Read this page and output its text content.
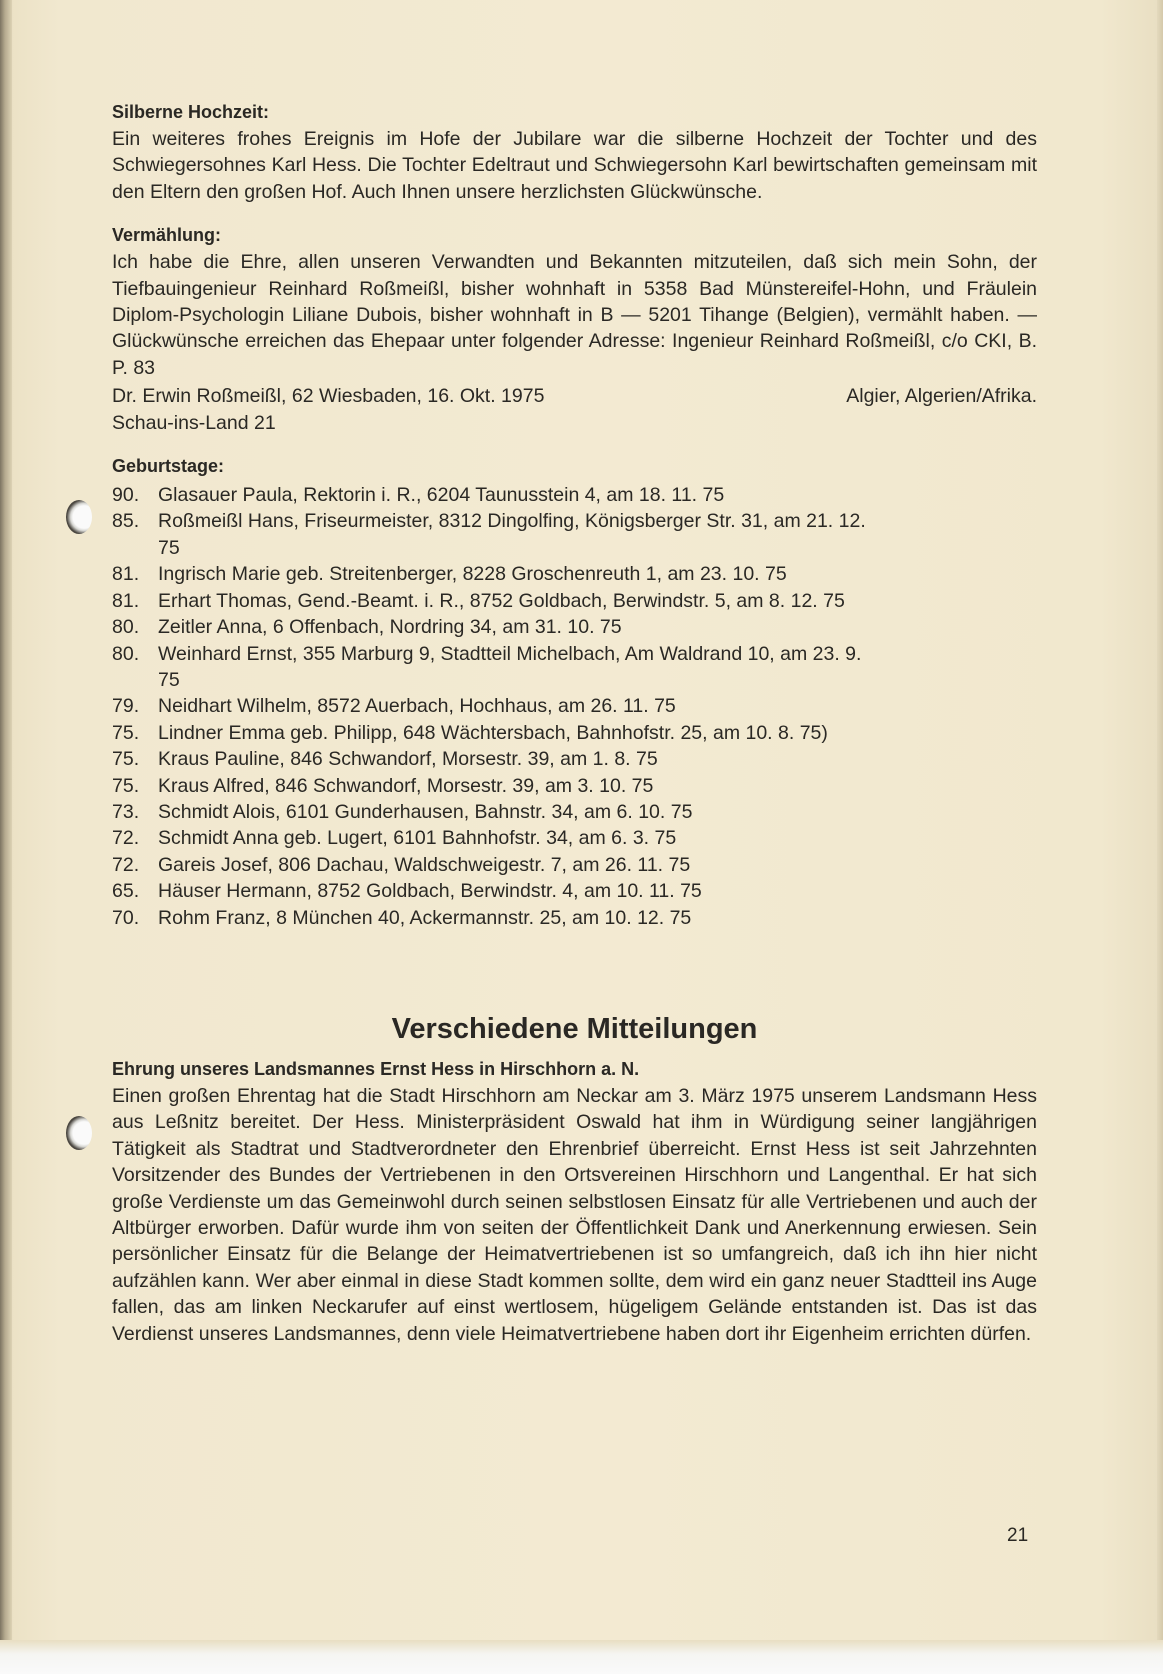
Silberne Hochzeit:

Ein weiteres frohes Ereignis im Hofe der Jubilare war die silberne Hochzeit der Tochter und des Schwiegersohnes Karl Hess. Die Tochter Edeltraut und Schwiegersohn Karl bewirtschaften gemeinsam mit den Eltern den großen Hof. Auch Ihnen unsere herzlichsten Glückwünsche.

Vermählung:

Ich habe die Ehre, allen unseren Verwandten und Bekannten mitzuteilen, daß sich mein Sohn, der Tiefbauingenieur Reinhard Roßmeißl, bisher wohnhaft in 5358 Bad Münstereifel-Hohn, und Fräulein Diplom-Psychologin Liliane Dubois, bisher wohnhaft in B — 5201 Tihange (Belgien), vermählt haben. — Glückwünsche erreichen das Ehepaar unter folgender Adresse: Ingenieur Reinhard Roßmeißl, c/o CKI, B. P. 83

Dr. Erwin Roßmeißl, 62 Wiesbaden, 16. Okt. 1975	Algier, Algerien/Afrika.
Schau-ins-Land 21
Geburtstage:
90. Glasauer Paula, Rektorin i. R., 6204 Taunusstein 4, am 18. 11. 75
85. Roßmeißl Hans, Friseurmeister, 8312 Dingolfing, Königsberger Str. 31, am 21. 12. 75
81. Ingrisch Marie geb. Streitenberger, 8228 Groschenreuth 1, am 23. 10. 75
81. Erhart Thomas, Gend.-Beamt. i. R., 8752 Goldbach, Berwindstr. 5, am 8. 12. 75
80. Zeitler Anna, 6 Offenbach, Nordring 34, am 31. 10. 75
80. Weinhard Ernst, 355 Marburg 9, Stadtteil Michelbach, Am Waldrand 10, am 23. 9. 75
79. Neidhart Wilhelm, 8572 Auerbach, Hochhaus, am 26. 11. 75
75. Lindner Emma geb. Philipp, 648 Wächtersbach, Bahnhofstr. 25, am 10. 8. 75)
75. Kraus Pauline, 846 Schwandorf, Morsestr. 39, am 1. 8. 75
75. Kraus Alfred, 846 Schwandorf, Morsestr. 39, am 3. 10. 75
73. Schmidt Alois, 6101 Gunderhausen, Bahnstr. 34, am 6. 10. 75
72. Schmidt Anna geb. Lugert, 6101 Bahnhofstr. 34, am 6. 3. 75
72. Gareis Josef, 806 Dachau, Waldschweigestr. 7, am 26. 11. 75
65. Häuser Hermann, 8752 Goldbach, Berwindstr. 4, am 10. 11. 75
70. Rohm Franz, 8 München 40, Ackermannstr. 25, am 10. 12. 75
Verschiedene Mitteilungen
Ehrung unseres Landsmannes Ernst Hess in Hirschhorn a. N.

Einen großen Ehrentag hat die Stadt Hirschhorn am Neckar am 3. März 1975 unserem Landsmann Hess aus Leßnitz bereitet. Der Hess. Ministerpräsident Oswald hat ihm in Würdigung seiner langjährigen Tätigkeit als Stadtrat und Stadtverordneter den Ehrenbrief überreicht. Ernst Hess ist seit Jahrzehnten Vorsitzender des Bundes der Vertriebenen in den Ortsvereinen Hirschhorn und Langenthal. Er hat sich große Verdienste um das Gemeinwohl durch seinen selbstlosen Einsatz für alle Vertriebenen und auch der Altbürger erworben. Dafür wurde ihm von seiten der Öffentlichkeit Dank und Anerkennung erwiesen. Sein persönlicher Einsatz für die Belange der Heimatvertriebenen ist so umfangreich, daß ich ihn hier nicht aufzählen kann. Wer aber einmal in diese Stadt kommen sollte, dem wird ein ganz neuer Stadtteil ins Auge fallen, das am linken Neckarufer auf einst wertlosem, hügeligem Gelände entstanden ist. Das ist das Verdienst unseres Landsmannes, denn viele Heimatvertriebene haben dort ihr Eigenheim errichten dürfen.

21
